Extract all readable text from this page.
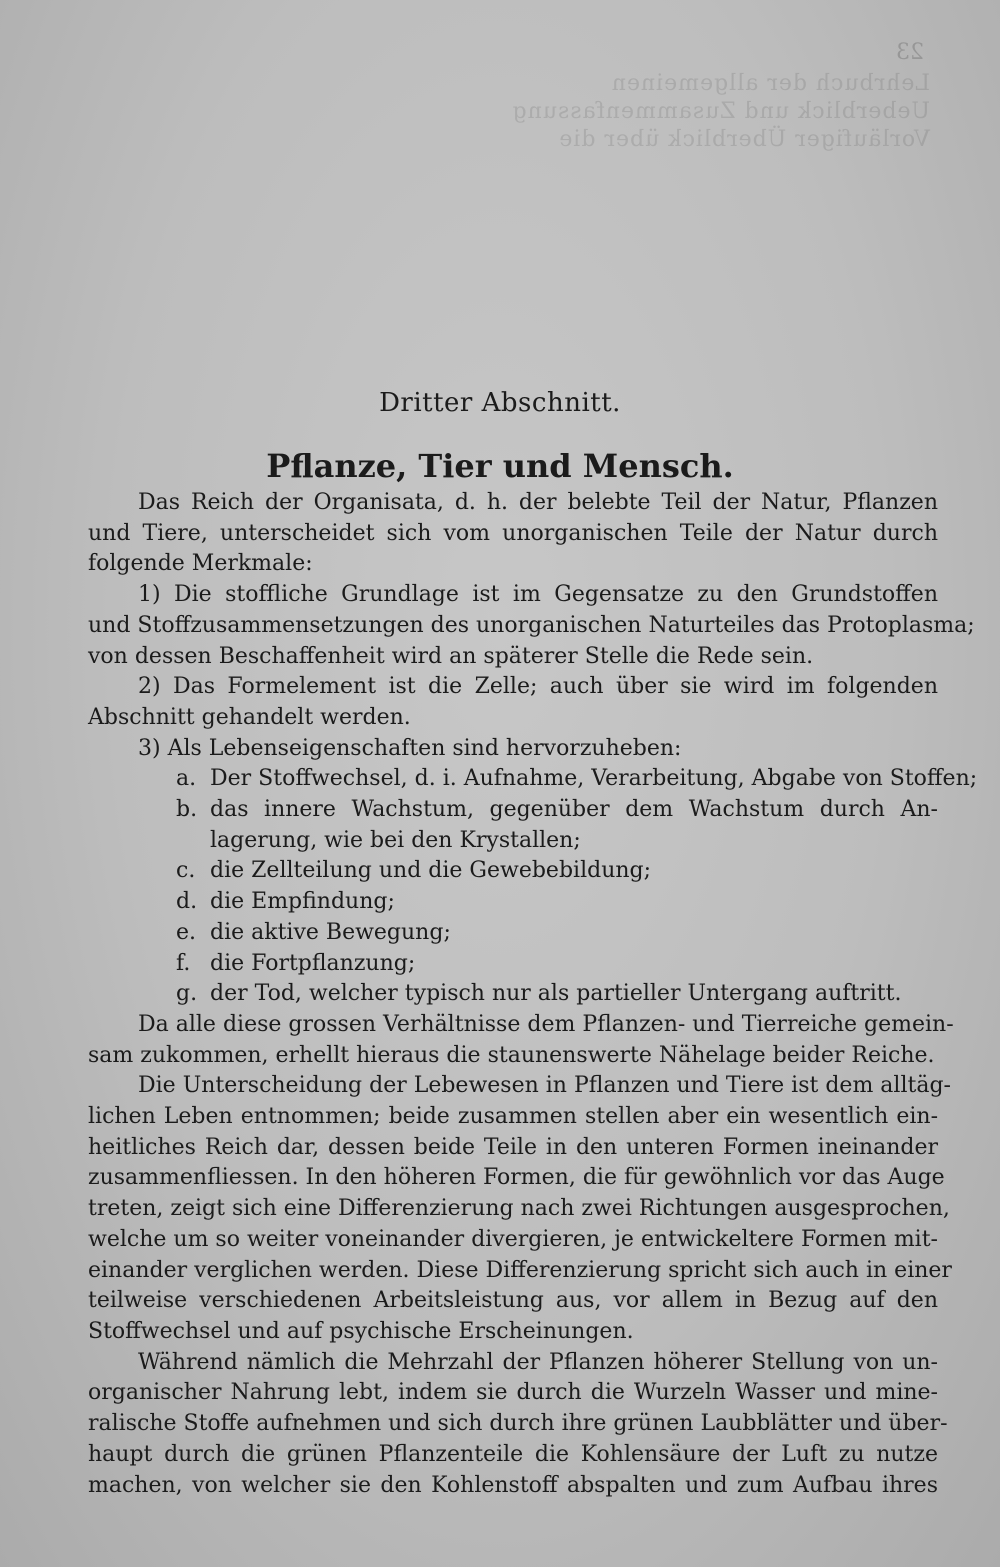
23
Lehrbuch der allgemeinen
Ueberblick und Zusammenfassung
Vorläufiger Überblick über die
Dritter Abschnitt.
Pflanze, Tier und Mensch.
Das Reich der Organisata, d. h. der belebte Teil der Natur, Pflanzen
und Tiere, unterscheidet sich vom unorganischen Teile der Natur durch
folgende Merkmale:
1) Die stoffliche Grundlage ist im Gegensatze zu den Grundstoffen
und Stoffzusammensetzungen des unorganischen Naturteiles das Protoplasma;
von dessen Beschaffenheit wird an späterer Stelle die Rede sein.
2) Das Formelement ist die Zelle; auch über sie wird im folgenden
Abschnitt gehandelt werden.
3) Als Lebenseigenschaften sind hervorzuheben:
a. Der Stoffwechsel, d. i. Aufnahme, Verarbeitung, Abgabe von Stoffen;
b. das innere Wachstum, gegenüber dem Wachstum durch An-
lagerung, wie bei den Krystallen;
c. die Zellteilung und die Gewebebildung;
d. die Empfindung;
e. die aktive Bewegung;
f. die Fortpflanzung;
g. der Tod, welcher typisch nur als partieller Untergang auftritt.
Da alle diese grossen Verhältnisse dem Pflanzen- und Tierreiche gemein-
sam zukommen, erhellt hieraus die staunenswerte Nähelage beider Reiche.
Die Unterscheidung der Lebewesen in Pflanzen und Tiere ist dem alltäg-
lichen Leben entnommen; beide zusammen stellen aber ein wesentlich ein-
heitliches Reich dar, dessen beide Teile in den unteren Formen ineinander
zusammenfliessen. In den höheren Formen, die für gewöhnlich vor das Auge
treten, zeigt sich eine Differenzierung nach zwei Richtungen ausgesprochen,
welche um so weiter voneinander divergieren, je entwickeltere Formen mit-
einander verglichen werden. Diese Differenzierung spricht sich auch in einer
teilweise verschiedenen Arbeitsleistung aus, vor allem in Bezug auf den
Stoffwechsel und auf psychische Erscheinungen.
Während nämlich die Mehrzahl der Pflanzen höherer Stellung von un-
organischer Nahrung lebt, indem sie durch die Wurzeln Wasser und mine-
ralische Stoffe aufnehmen und sich durch ihre grünen Laubblätter und über-
haupt durch die grünen Pflanzenteile die Kohlensäure der Luft zu nutze
machen, von welcher sie den Kohlenstoff abspalten und zum Aufbau ihres
